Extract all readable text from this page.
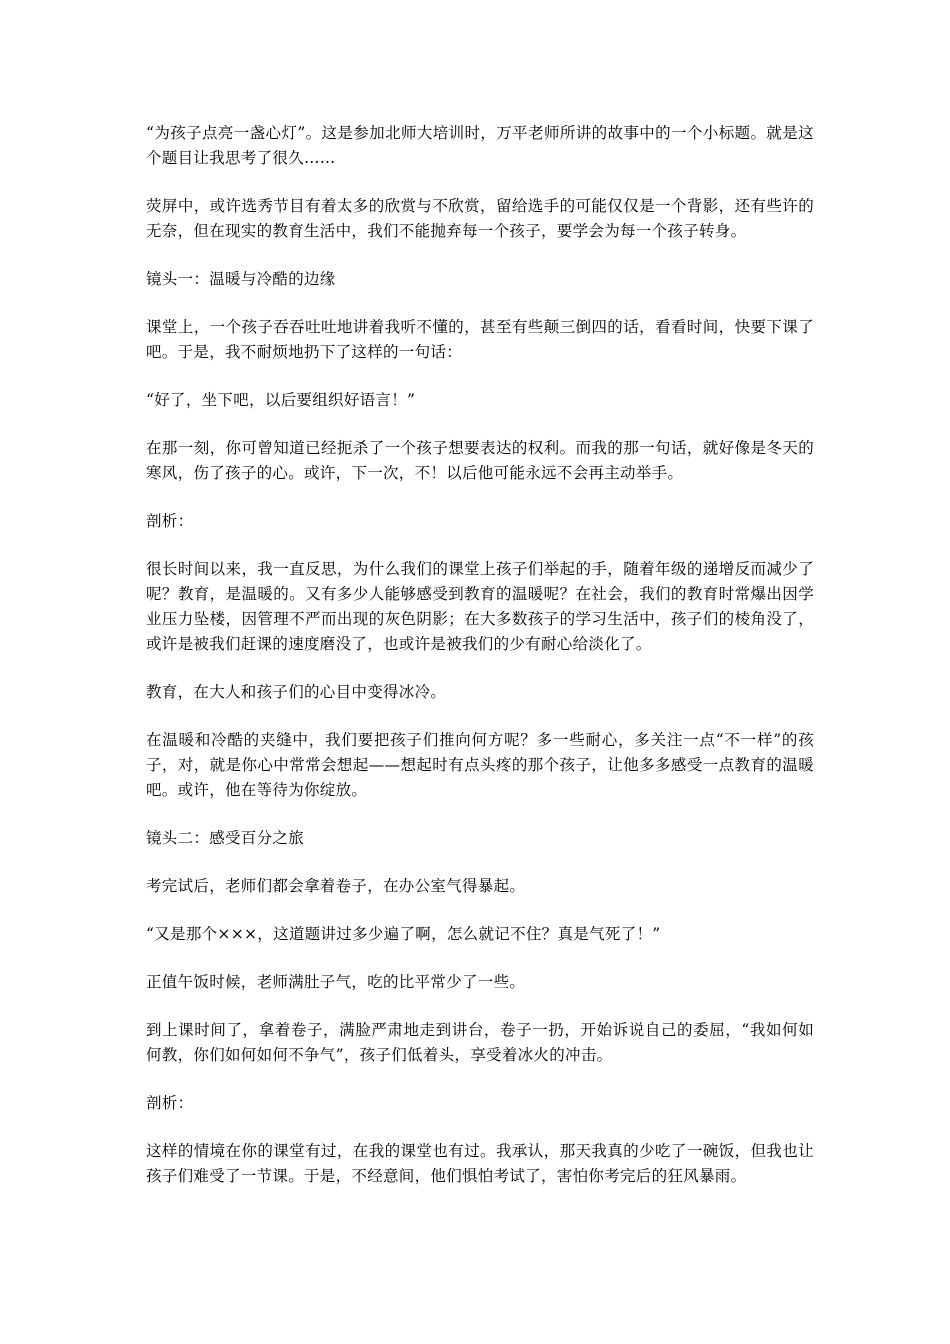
“为孩子点亮一盏心灯”。这是参加北师大培训时，万平老师所讲的故事中的一个小标题。就是这个题目让我思考了很久……

荧屏中，或许选秀节目有着太多的欣赏与不欣赏，留给选手的可能仅仅是一个背影，还有些许的无奈，但在现实的教育生活中，我们不能抛弃每一个孩子，要学会为每一个孩子转身。

镜头一：温暖与冷酷的边缘

课堂上，一个孩子吞吞吐吐地讲着我听不懂的，甚至有些颠三倒四的话，看看时间，快要下课了吧。于是，我不耐烦地扔下了这样的一句话：

“好了，坐下吧，以后要组织好语言！”

在那一刻，你可曾知道已经扼杀了一个孩子想要表达的权利。而我的那一句话，就好像是冬天的寒风，伤了孩子的心。或许，下一次，不！以后他可能永远不会再主动举手。

剖析：

很长时间以来，我一直反思，为什么我们的课堂上孩子们举起的手，随着年级的递增反而减少了呢？教育，是温暖的。又有多少人能够感受到教育的温暖呢？在社会，我们的教育时常爆出因学业压力坠楼，因管理不严而出现的灰色阴影；在大多数孩子的学习生活中，孩子们的棱角没了，或许是被我们赶课的速度磨没了，也或许是被我们的少有耐心给淡化了。

教育，在大人和孩子们的心目中变得冰冷。

在温暖和冷酷的夹缝中，我们要把孩子们推向何方呢？多一些耐心，多关注一点“不一样”的孩子，对，就是你心中常常会想起——想起时有点头疼的那个孩子，让他多多感受一点教育的温暖吧。或许，他在等待为你绽放。

镜头二：感受百分之旅

考完试后，老师们都会拿着卷子，在办公室气得暴起。

“又是那个×××，这道题讲过多少遍了啊，怎么就记不住？真是气死了！”

正值午饭时候，老师满肚子气，吃的比平常少了一些。

到上课时间了，拿着卷子，满脸严肃地走到讲台，卷子一扔，开始诉说自己的委屈，“我如何如何教，你们如何如何不争气”，孩子们低着头，享受着冰火的冲击。

剖析：

这样的情境在你的课堂有过，在我的课堂也有过。我承认，那天我真的少吃了一碗饭，但我也让孩子们难受了一节课。于是，不经意间，他们惧怕考试了，害怕你考完后的狂风暴雨。
